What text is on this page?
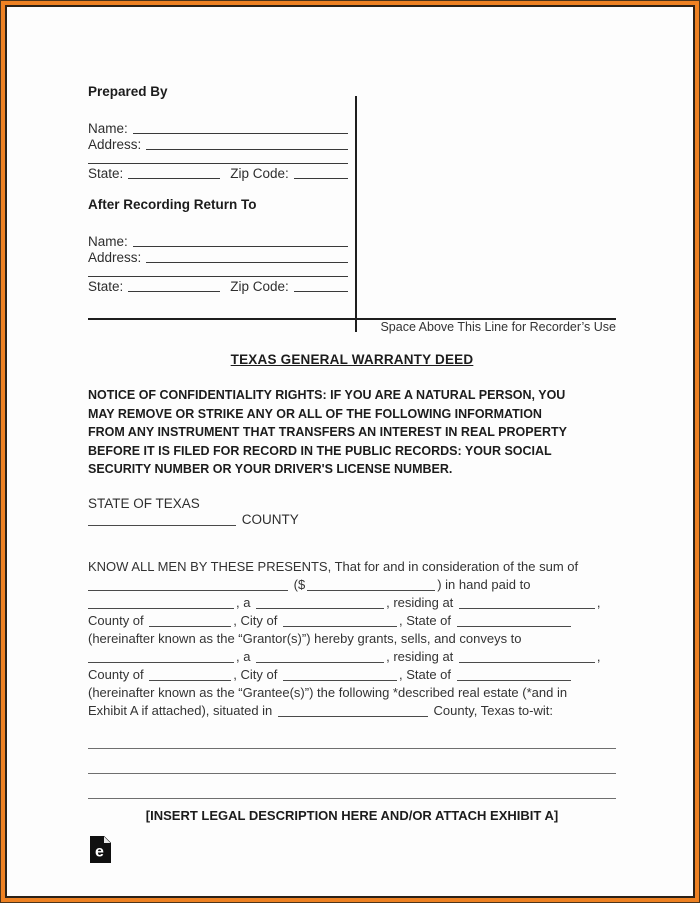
Prepared By
Name:
Address:
State:	Zip Code:
After Recording Return To
Name:
Address:
State:	Zip Code:
Space Above This Line for Recorder’s Use
TEXAS GENERAL WARRANTY DEED
NOTICE OF CONFIDENTIALITY RIGHTS: IF YOU ARE A NATURAL PERSON, YOU
MAY REMOVE OR STRIKE ANY OR ALL OF THE FOLLOWING INFORMATION
FROM ANY INSTRUMENT THAT TRANSFERS AN INTEREST IN REAL PROPERTY
BEFORE IT IS FILED FOR RECORD IN THE PUBLIC RECORDS: YOUR SOCIAL
SECURITY NUMBER OR YOUR DRIVER'S LICENSE NUMBER.
STATE OF TEXAS
COUNTY
KNOW ALL MEN BY THESE PRESENTS, That for and in consideration of the sum of
($	) in hand paid to
, a	, residing at	,
County of	, City of	, State of
(hereinafter known as the “Grantor(s)”) hereby grants, sells, and conveys to
, a	, residing at	,
County of	, City of	, State of
(hereinafter known as the “Grantee(s)”) the following *described real estate (*and in
Exhibit A if attached), situated in	County, Texas to-wit:
[INSERT LEGAL DESCRIPTION HERE AND/OR ATTACH EXHIBIT A]
e
